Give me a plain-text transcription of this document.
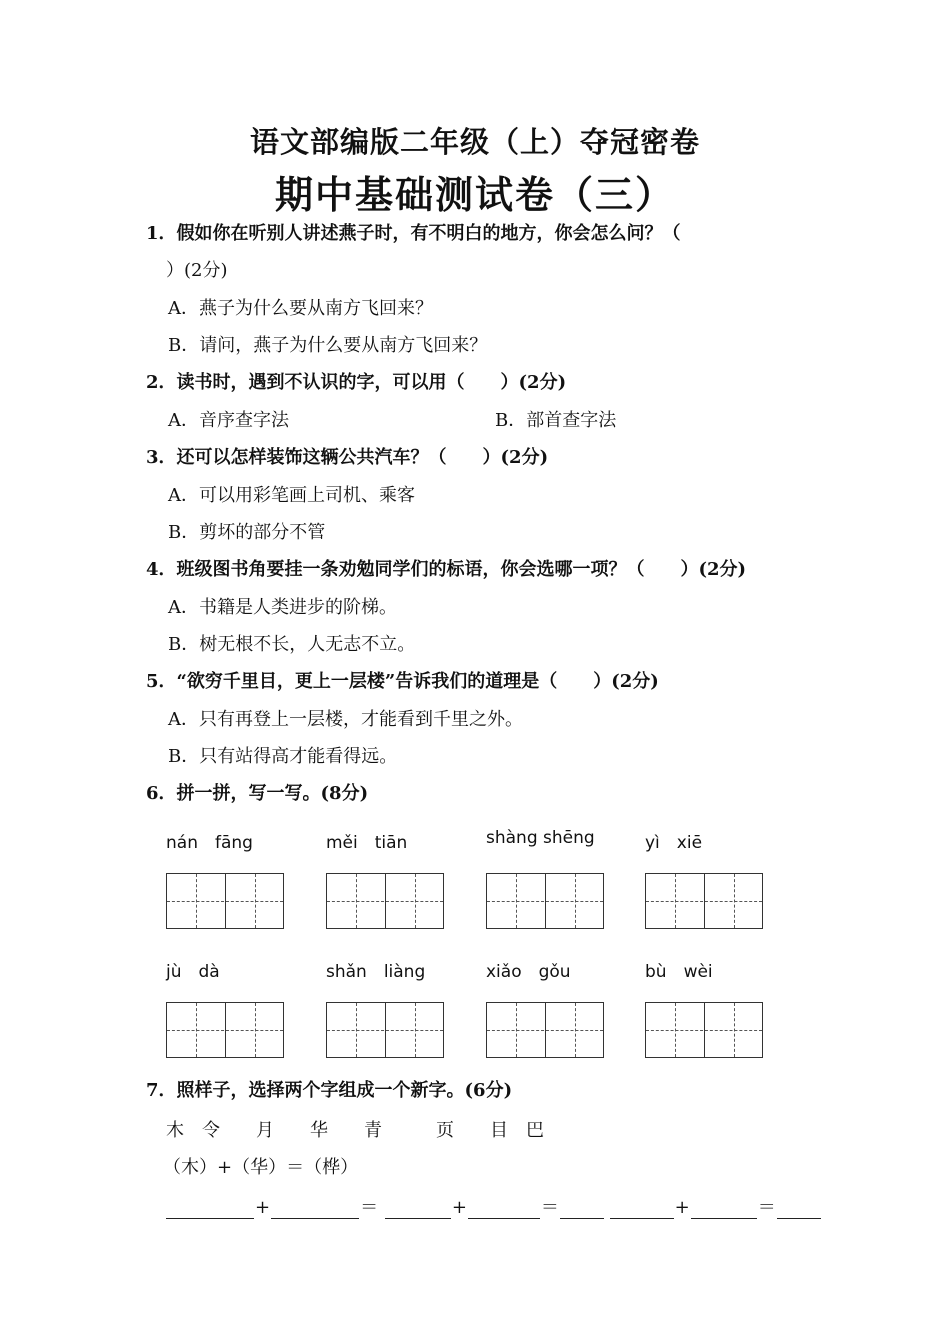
语文部编版二年级（上）夺冠密卷
期中基础测试卷（三）
1．假如你在听别人讲述燕子时，有不明白的地方，你会怎么问？（
）(2分)
A．燕子为什么要从南方飞回来？
B．请问，燕子为什么要从南方飞回来？
2．读书时，遇到不认识的字，可以用（　　）(2分)
A．音序查字法	B．部首查字法
3．还可以怎样装饰这辆公共汽车？（　　）(2分)
A．可以用彩笔画上司机、乘客
B．剪坏的部分不管
4．班级图书角要挂一条劝勉同学们的标语，你会选哪一项？（　　）(2分)
A．书籍是人类进步的阶梯。
B．树无根不长，人无志不立。
5．“欲穷千里目，更上一层楼”告诉我们的道理是（　　）(2分)
A．只有再登上一层楼，才能看到千里之外。
B．只有站得高才能看得远。
6．拼一拼，写一写。(8分)
nán　fāng	měi　tiān	shàng shēng	yì　xiē
jù　dà	shǎn　liàng	xiǎo　gǒu	bù　wèi
7．照样子，选择两个字组成一个新字。(6分)
木　令　　月　　华　　青　　　页　　目　巴
（木）+（华）＝（桦）
+	＝	+	＝	+	＝
